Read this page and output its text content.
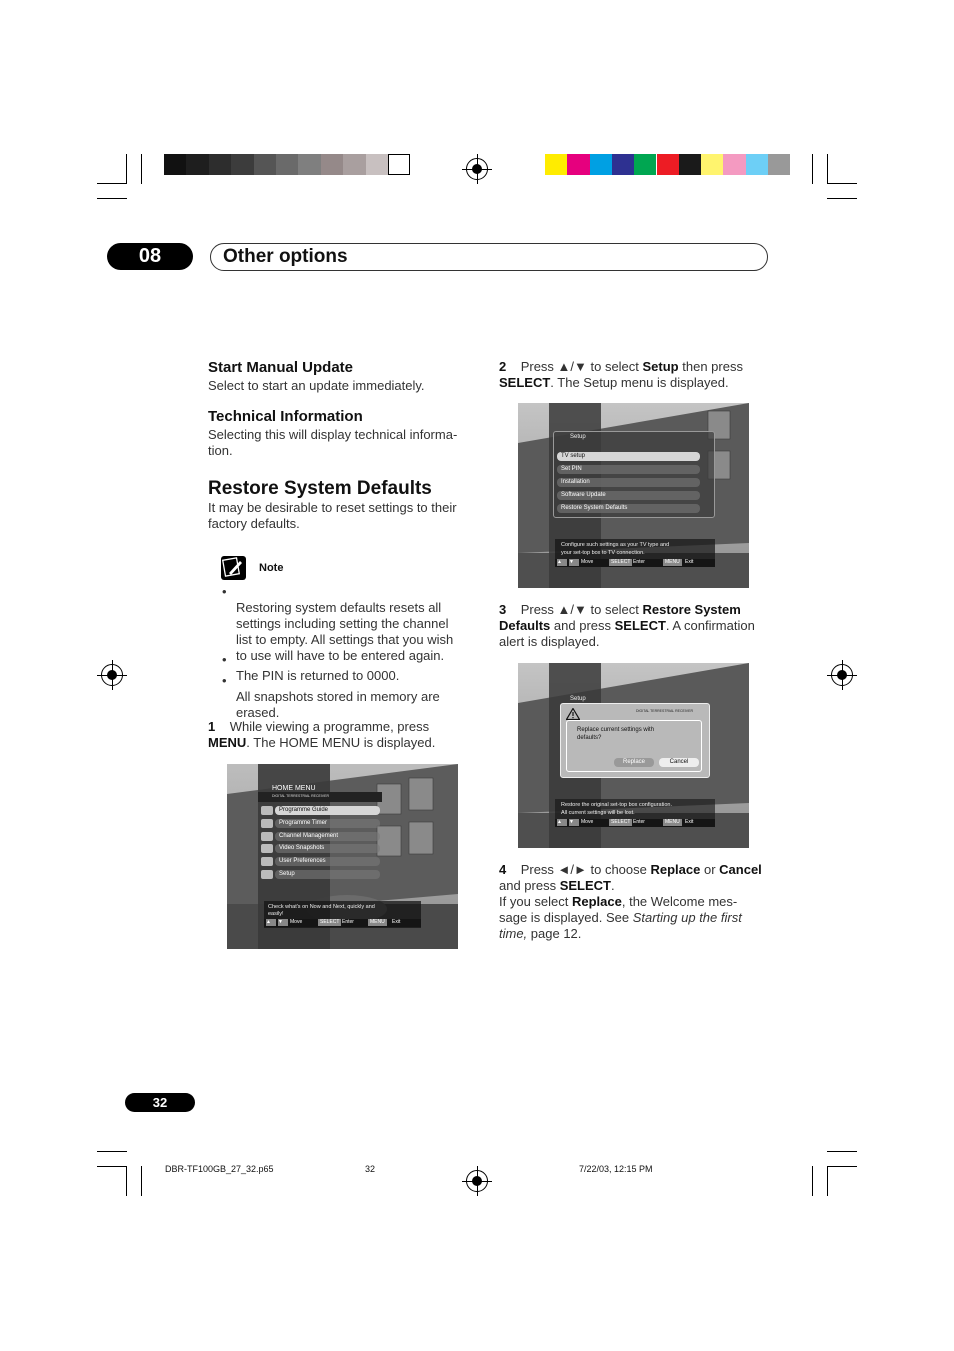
08	Other options
Start Manual Update
Select to start an update immediately.
Technical Information
Selecting this will display technical informa-
tion.
Restore System Defaults
It may be desirable to reset settings to their
factory defaults.
Note
•
Restoring system defaults resets all
settings including setting the channel
list to empty. All settings that you wish
to use will have to be entered again.
•
The PIN is returned to 0000.
•
All snapshots stored in memory are
erased.
1 While viewing a programme, press
MENU. The HOME MENU is displayed.
HOME MENU
DIGITAL TERRESTRIAL RECEIVER
Check what's on Now and Next, quickly and
easily!
▲	▼	Move	SELECT Enter	MENU	Exit
Programme Guide
Programme Timer
Channel Management
Video Snapshots
User Preferences
Setup
2 Press ▲/▼ to select Setup then press
SELECT. The Setup menu is displayed.
Setup
Configure such settings as your TV type and
your set-top box to TV connection.
▲	▼	Move	SELECT Enter	MENU	Exit
TV setup
Set PIN
Installation
Software Update
Restore System Defaults
3 Press ▲/▼ to select Restore System
Defaults and press SELECT. A confirmation
alert is displayed.
Setup
DIGITAL TERRESTRIAL RECEIVER
Replace current settings with
defaults?
Replace	Cancel
Restore the original set-top box configuration.
All current settings will be lost.
▲	▼	Move	SELECT Enter	MENU	Exit
4 Press ◄/► to choose Replace or Cancel
and press SELECT.
If you select Replace, the Welcome mes-
sage is displayed. See Starting up the first
time, page 12.
32
DBR-TF100GB_27_32.p65	32	7/22/03, 12:15 PM
